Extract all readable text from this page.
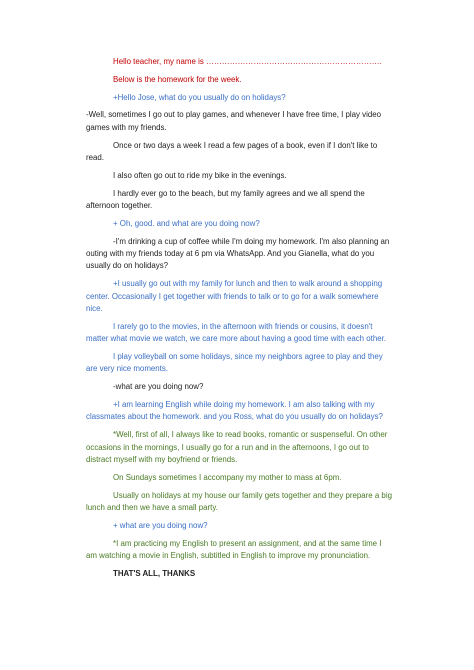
Hello teacher, my name is ………………………………………………………….

Below is the homework for the week.

+Hello Jose, what do you usually do on holidays?

-Well, sometimes I go out to play games, and whenever I have free time, I play video games with my friends.

Once or two days a week I read a few pages of a book, even if I don't like to read.

I also often go out to ride my bike in the evenings.

I hardly ever go to the beach, but my family agrees and we all spend the afternoon together.

+ Oh, good. and what are you doing now?

-I'm drinking a cup of coffee while I'm doing my homework. I'm also planning an outing with my friends today at 6 pm via WhatsApp. And you Gianella, what do you usually do on holidays?

+I usually go out with my family for lunch and then to walk around a shopping center. Occasionally I get together with friends to talk or to go for a walk somewhere nice.

I rarely go to the movies, in the afternoon with friends or cousins, it doesn't matter what movie we watch, we care more about having a good time with each other.

I play volleyball on some holidays, since my neighbors agree to play and they are very nice moments.

-what are you doing now?

+I am learning English while doing my homework. I am also talking with my classmates about the homework. and you Ross, what do you usually do on holidays?

*Well, first of all, I always like to read books, romantic or suspenseful. On other occasions in the mornings, I usually go for a run and in the afternoons, I go out to distract myself with my boyfriend or friends.

On Sundays sometimes I accompany my mother to mass at 6pm.

Usually on holidays at my house our family gets together and they prepare a big lunch and then we have a small party.

+ what are you doing now?

*I am practicing my English to present an assignment, and at the same time I am watching a movie in English, subtitled in English to improve my pronunciation.

THAT'S ALL, THANKS
